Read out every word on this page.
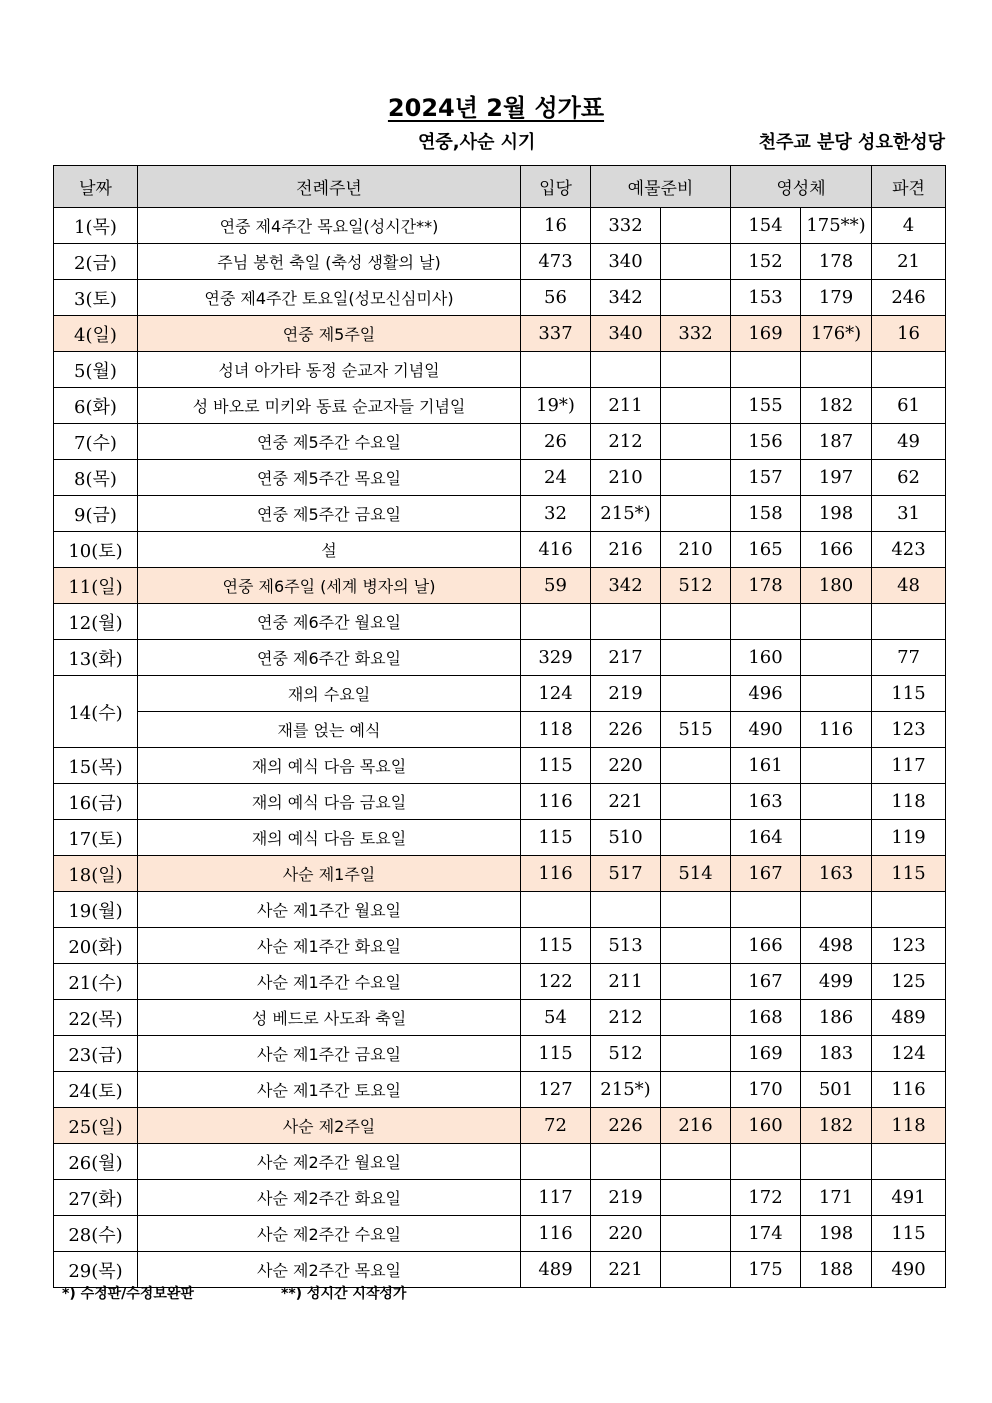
2024년 2월 성가표
연중,사순 시기	천주교 분당 성요한성당
날짜	전례주년	입당	예물준비		영성체		파견
1(목)	연중 제4주간 목요일(성시간**)	16	332		154	175**)	4
2(금)	주님 봉헌 축일 (축성 생활의 날)	473	340		152	178	21
3(토)	연중 제4주간 토요일(성모신심미사)	56	342		153	179	246
4(일)	연중 제5주일	337	340	332	169	176*)	16
5(월)	성녀 아가타 동정 순교자 기념일						
6(화)	성 바오로 미키와 동료 순교자들 기념일	19*)	211		155	182	61
7(수)	연중 제5주간 수요일	26	212		156	187	49
8(목)	연중 제5주간 목요일	24	210		157	197	62
9(금)	연중 제5주간 금요일	32	215*)		158	198	31
10(토)	설	416	216	210	165	166	423
11(일)	연중 제6주일 (세계 병자의 날)	59	342	512	178	180	48
12(월)	연중 제6주간 월요일						
13(화)	연중 제6주간 화요일	329	217		160		77
14(수)	재의 수요일	124	219		496		115
	재를 얹는 예식	118	226	515	490	116	123
15(목)	재의 예식 다음 목요일	115	220		161		117
16(금)	재의 예식 다음 금요일	116	221		163		118
17(토)	재의 예식 다음 토요일	115	510		164		119
18(일)	사순 제1주일	116	517	514	167	163	115
19(월)	사순 제1주간 월요일						
20(화)	사순 제1주간 화요일	115	513		166	498	123
21(수)	사순 제1주간 수요일	122	211		167	499	125
22(목)	성 베드로 사도좌 축일	54	212		168	186	489
23(금)	사순 제1주간 금요일	115	512		169	183	124
24(토)	사순 제1주간 토요일	127	215*)		170	501	116
25(일)	사순 제2주일	72	226	216	160	182	118
26(월)	사순 제2주간 월요일						
27(화)	사순 제2주간 화요일	117	219		172	171	491
28(수)	사순 제2주간 수요일	116	220		174	198	115
29(목)	사순 제2주간 목요일	489	221		175	188	490
*) 수정판/수정보완판	**) 성시간 시작성가
